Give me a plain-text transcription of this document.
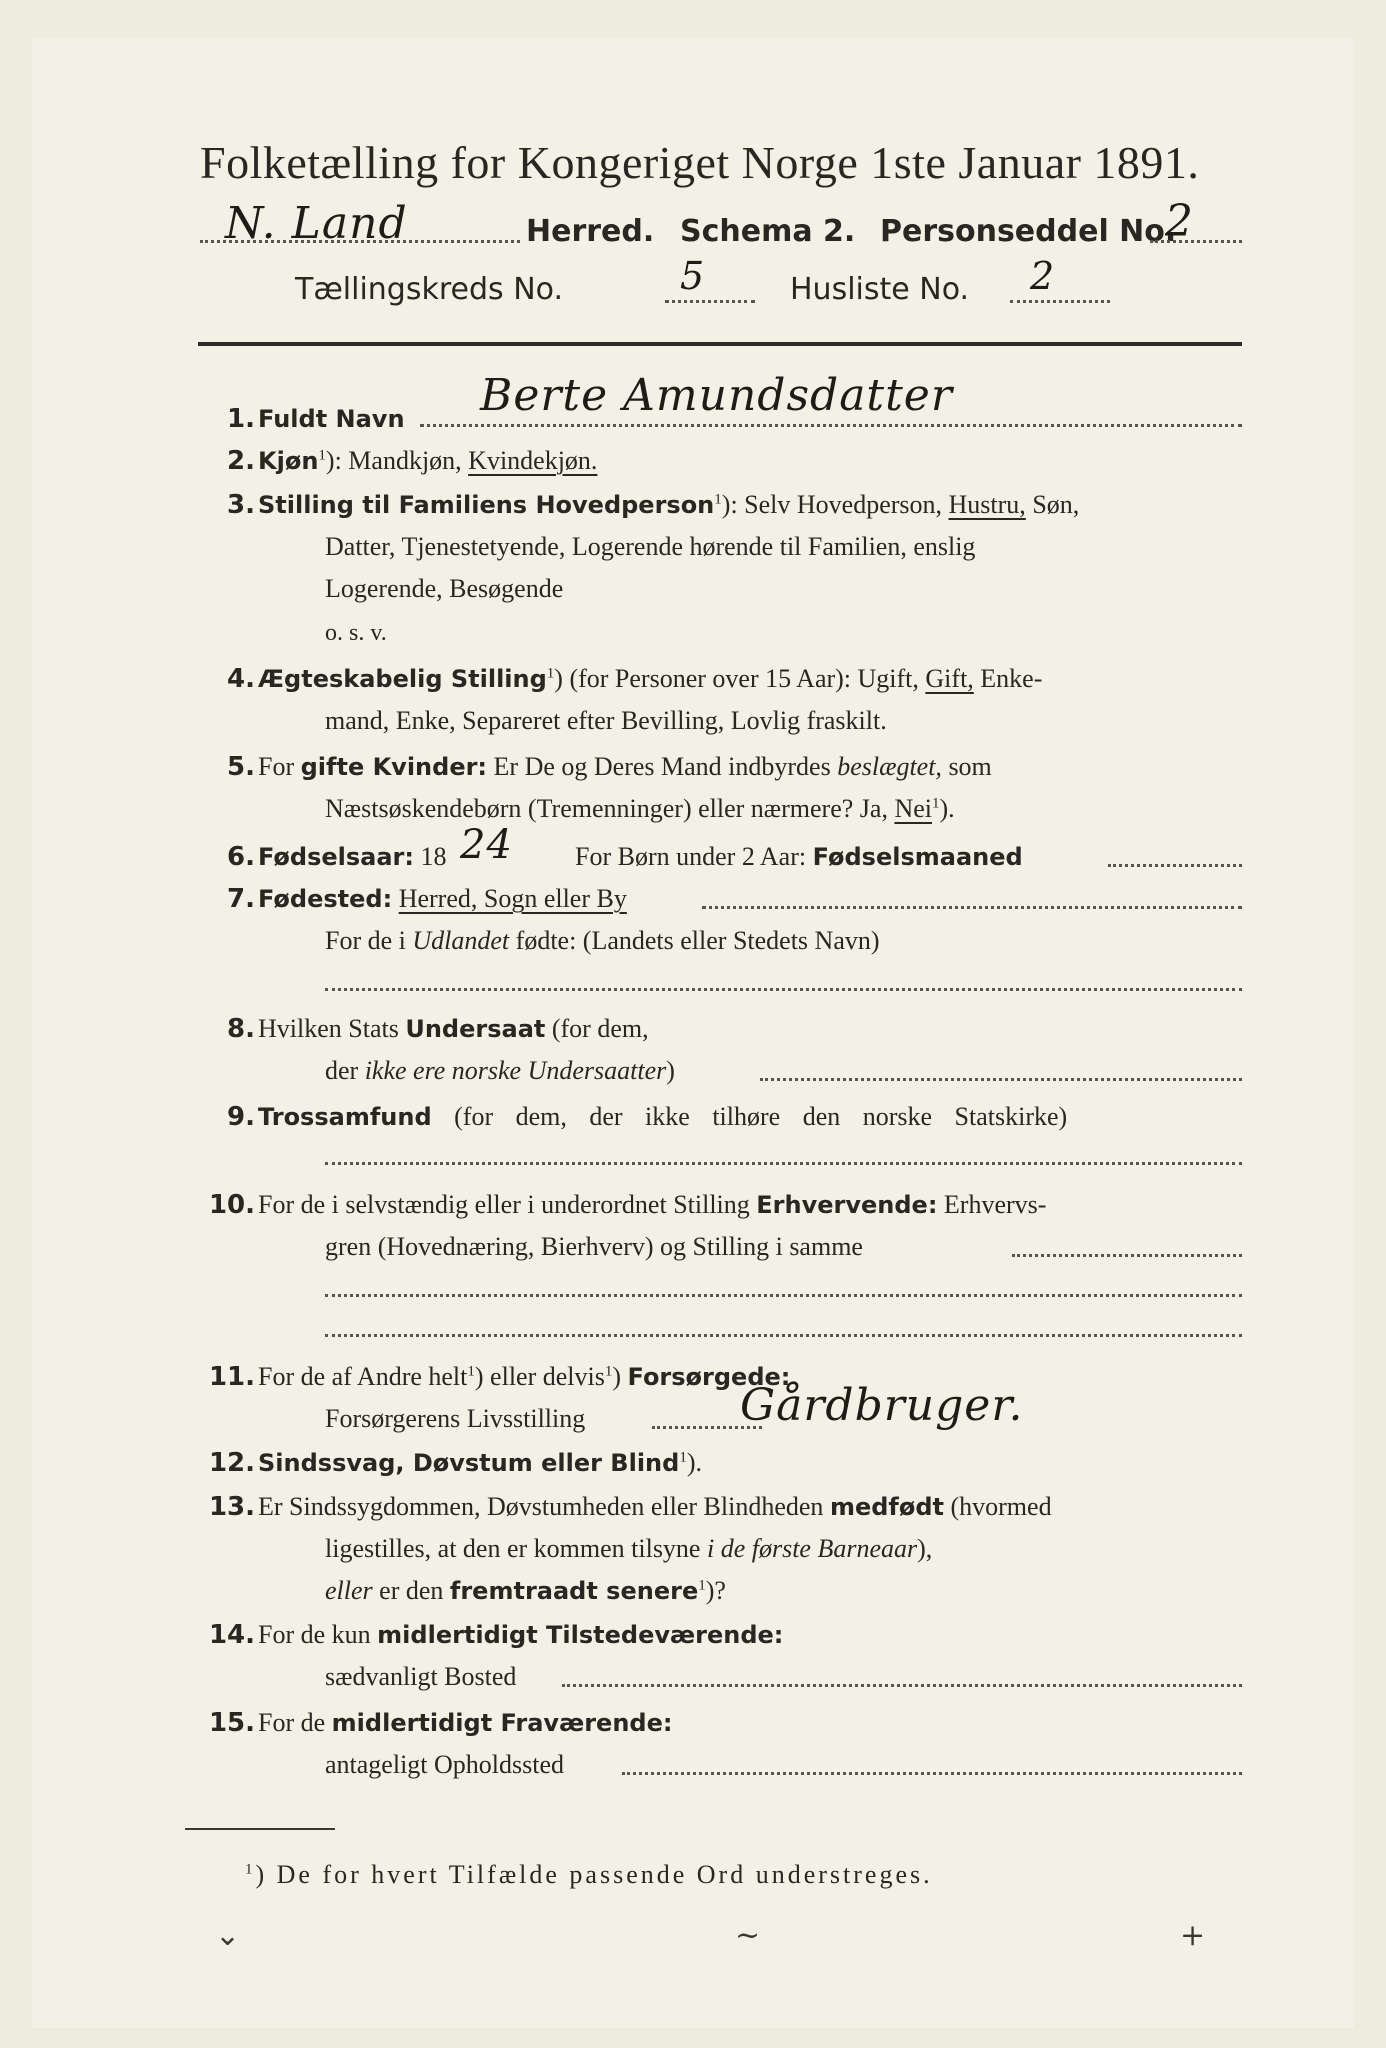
Folketælling for Kongeriget Norge 1ste Januar 1891.
N. Land	Herred. Schema 2. Personseddel No.
2
Tællingskreds No.	5	Husliste No. 2
1. Fuldt Navn Berte Amundsdatter
2. Kjøn$^1$): Mandkjøn, Kvindekjøn.
3. Stilling til Familiens Hovedperson$^1$): Selv Hovedperson, Hustru, Søn,
Datter, Tjenestetyende, Logerende hørende til Familien, enslig
Logerende, Besøgende
o. s. v.
4. Ægteskabelig Stilling$^1$) (for Personer over 15 Aar): Ugift, Gift, Enke-
mand, Enke, Separeret efter Bevilling, Lovlig fraskilt.
5. For gifte Kvinder: Er De og Deres Mand indbyrdes beslægtet, som
Næstsøskendebørn (Tremenninger) eller nærmere? Ja, Nei$^1$).
6. Fødselsaar: 18 24 For Børn under 2 Aar: Fødselsmaaned
7. Fødested: Herred, Sogn eller By
For de i Udlandet fødte: (Landets eller Stedets Navn)
8. Hvilken Stats Undersaat (for dem,
der ikke ere norske Undersaatter)
9. Trossamfund (for dem, der ikke tilhøre den norske Statskirke)
10. For de i selvstændig eller i underordnet Stilling Erhvervende: Erhvervs-
gren (Hovednæring, Bierhverv) og Stilling i samme
11. For de af Andre helt$^1$) eller delvis$^1$) Forsørgede:
Forsørgerens Livsstilling	Gårdbruger.
12. Sindssvag, Døvstum eller Blind$^1$).
13. Er Sindssygdommen, Døvstumheden eller Blindheden medfødt (hvormed
ligestilles, at den er kommen tilsyne i de første Barneaar),
eller er den fremtraadt senere$^1$)?
14. For de kun midlertidigt Tilstedeværende:
sædvanligt Bosted
15. For de midlertidigt Fraværende:
antageligt Opholdssted
$^1$) De for hvert Tilfælde passende Ord understreges.
⌄	~	+
